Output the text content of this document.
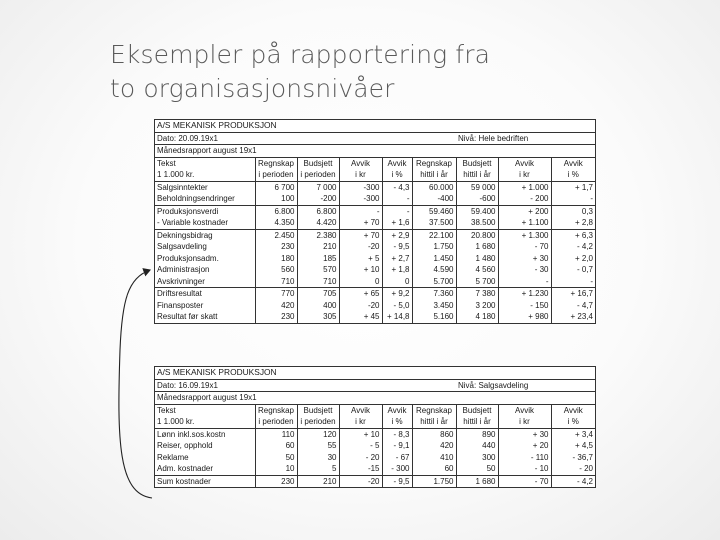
Eksempler på rapportering fra
to organisasjonsnivåer
A/S MEKANISK PRODUKSJON								
Dato: 20.09.19x1						Nivå: Hele bedriften		
Månedsrapport august 19x1								
Tekst	Regnskap	Budsjett	Avvik	Avvik	Regnskap	Budsjett	Avvik	Avvik
1 1.000 kr.	i perioden	i perioden	i kr	i %	hittil i år	hittil i år	i kr	i %
Salgsinntekter	6 700	7 000	-300	- 4,3	60.000	59 000	+ 1.000	+ 1,7
Beholdningsendringer	100	-200	-300	-	-400	-600	- 200	-
Produksjonsverdi	6.800	6.800	-	-	59.460	59.400	+ 200	0,3
- Variable kostnader	4.350	4.420	+ 70	+ 1,6	37.500	38.500	+ 1.100	+ 2,8
Dekningsbidrag	2.450	2.380	+ 70	+ 2,9	22.100	20.800	+ 1.300	+ 6,3
Salgsavdeling	230	210	-20	- 9,5	1.750	1 680	- 70	- 4,2
Produksjonsadm.	180	185	+ 5	+ 2,7	1.450	1 480	+ 30	+ 2,0
Administrasjon	560	570	+ 10	+ 1,8	4.590	4 560	- 30	- 0,7
Avskrivninger	710	710	0	0	5.700	5 700	-	-
Driftsresultat	770	705	+ 65	+ 9,2	7.360	7 380	+ 1.230	+ 16,7
Finansposter	420	400	-20	- 5,0	3.450	3 200	- 150	- 4,7
Resultat før skatt	230	305	+ 45	+ 14,8	5.160	4 180	+ 980	+ 23,4
A/S MEKANISK PRODUKSJON								
Dato: 16.09.19x1						Nivå: Salgsavdeling		
Månedsrapport august 19x1								
Tekst	Regnskap	Budsjett	Avvik	Avvik	Regnskap	Budsjett	Avvik	Avvik
1 1.000 kr.	i perioden	i perioden	i kr	i %	hittil i år	hittil i år	i kr	i %
Lønn inkl.sos.kostn	110	120	+ 10	- 8,3	860	890	+ 30	+ 3,4
Reiser, opphold	60	55	- 5	- 9,1	420	440	+ 20	+ 4,5
Reklame	50	30	- 20	- 67	410	300	- 110	- 36,7
Adm. kostnader	10	5	-15	- 300	60	50	- 10	- 20
Sum kostnader	230	210	-20	- 9,5	1.750	1 680	- 70	- 4,2
